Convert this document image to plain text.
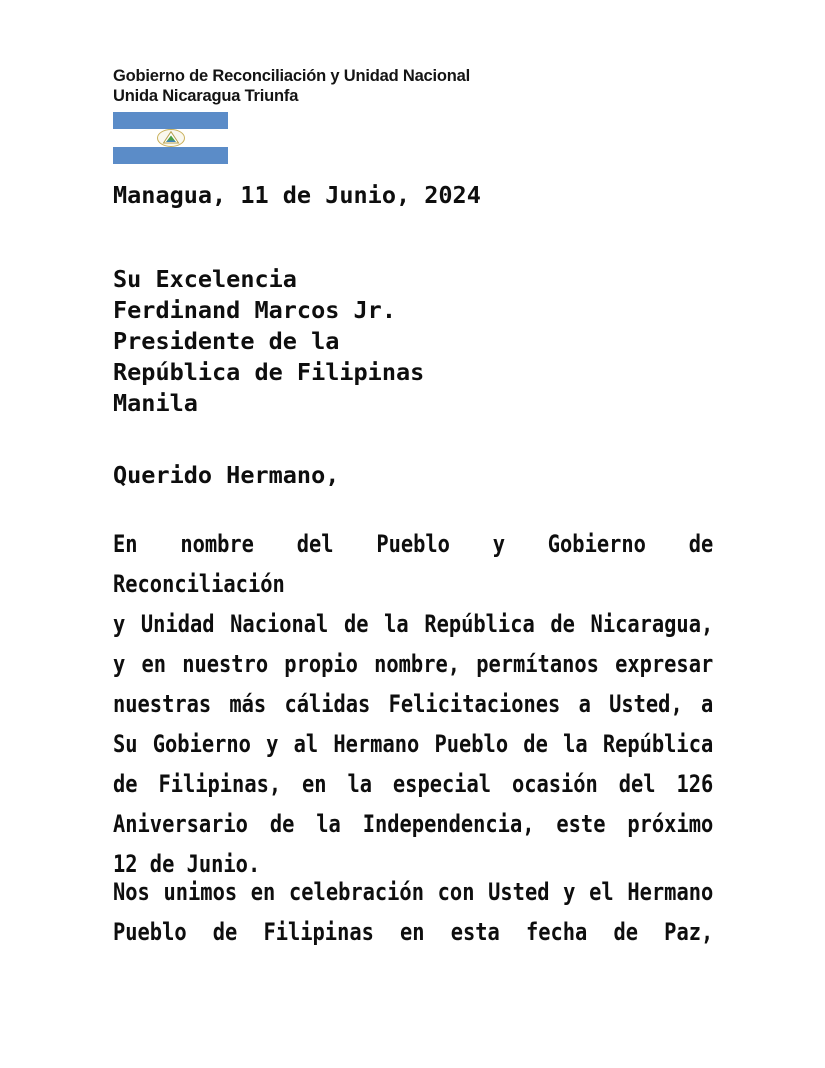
Gobierno de Reconciliación y Unidad Nacional
Unida Nicaragua Triunfa
Managua, 11 de Junio, 2024
Su Excelencia
Ferdinand Marcos Jr.
Presidente de la
República de Filipinas
Manila
Querido Hermano,
En nombre del Pueblo y Gobierno de Reconciliación
y Unidad Nacional de la República de Nicaragua,
y en nuestro propio nombre, permítanos expresar
nuestras más cálidas Felicitaciones a Usted, a
Su Gobierno y al Hermano Pueblo de la República
de Filipinas, en la especial ocasión del 126
Aniversario de la Independencia, este próximo
12 de Junio.
Nos unimos en celebración con Usted y el Hermano
Pueblo de Filipinas en esta fecha de Paz,
